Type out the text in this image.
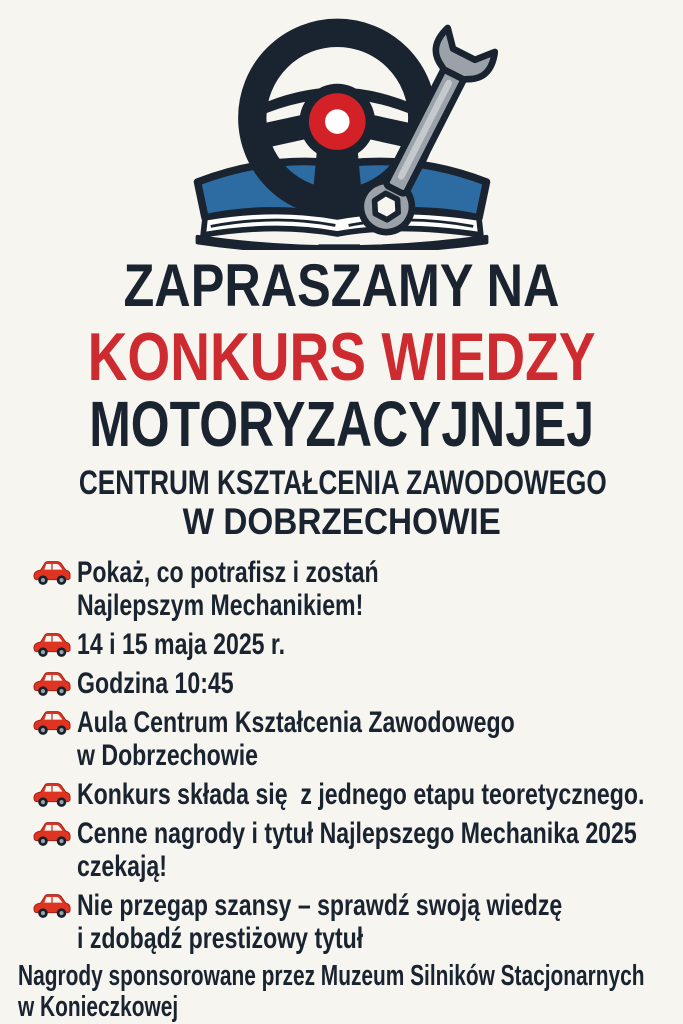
ZAPRASZAMY NA
KONKURS WIEDZY
MOTORYZACYJNJEJ
CENTRUM KSZTAŁCENIA ZAWODOWEGO
W DOBRZECHOWIE
Pokaż, co potrafisz i zostań
Najlepszym Mechanikiem!
14 i 15 maja 2025 r.
Godzina 10:45
Aula Centrum Kształcenia Zawodowego
w Dobrzechowie
Konkurs składa się  z jednego etapu teoretycznego.
Cenne nagrody i tytuł Najlepszego Mechanika 2025
czekają!
Nie przegap szansy – sprawdź swoją wiedzę
i zdobądź prestiżowy tytuł
Nagrody sponsorowane przez Muzeum Silników Stacjonarnych
w Konieczkowej
